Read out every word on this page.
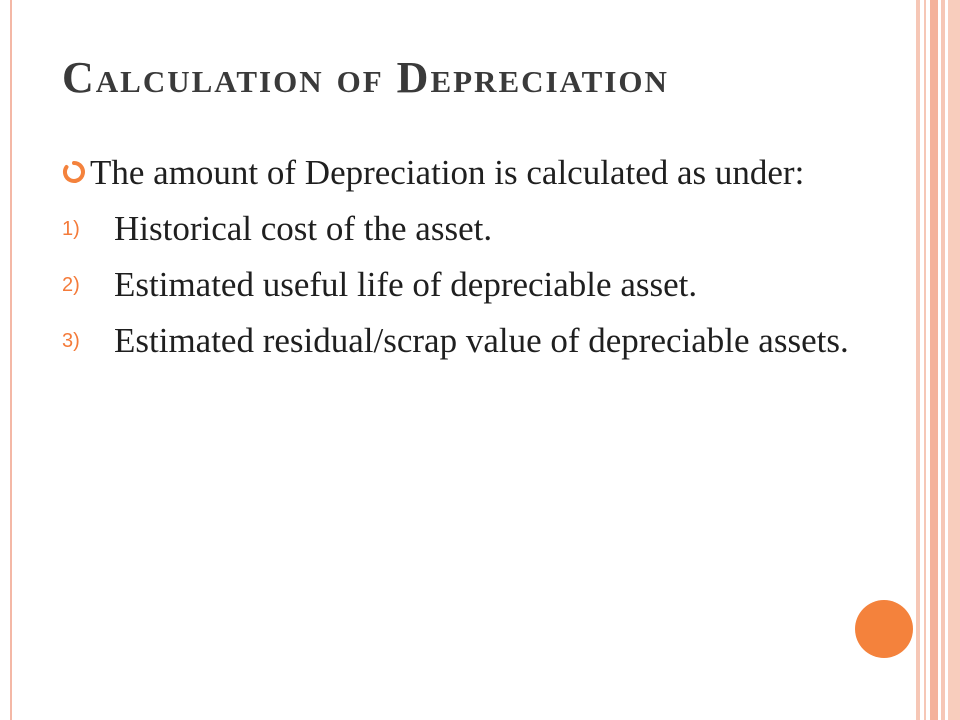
Calculation of Depreciation

The amount of Depreciation is calculated as under:

1) Historical cost of the asset.
2) Estimated useful life of depreciable asset.
3) Estimated residual/scrap value of depreciable assets.
